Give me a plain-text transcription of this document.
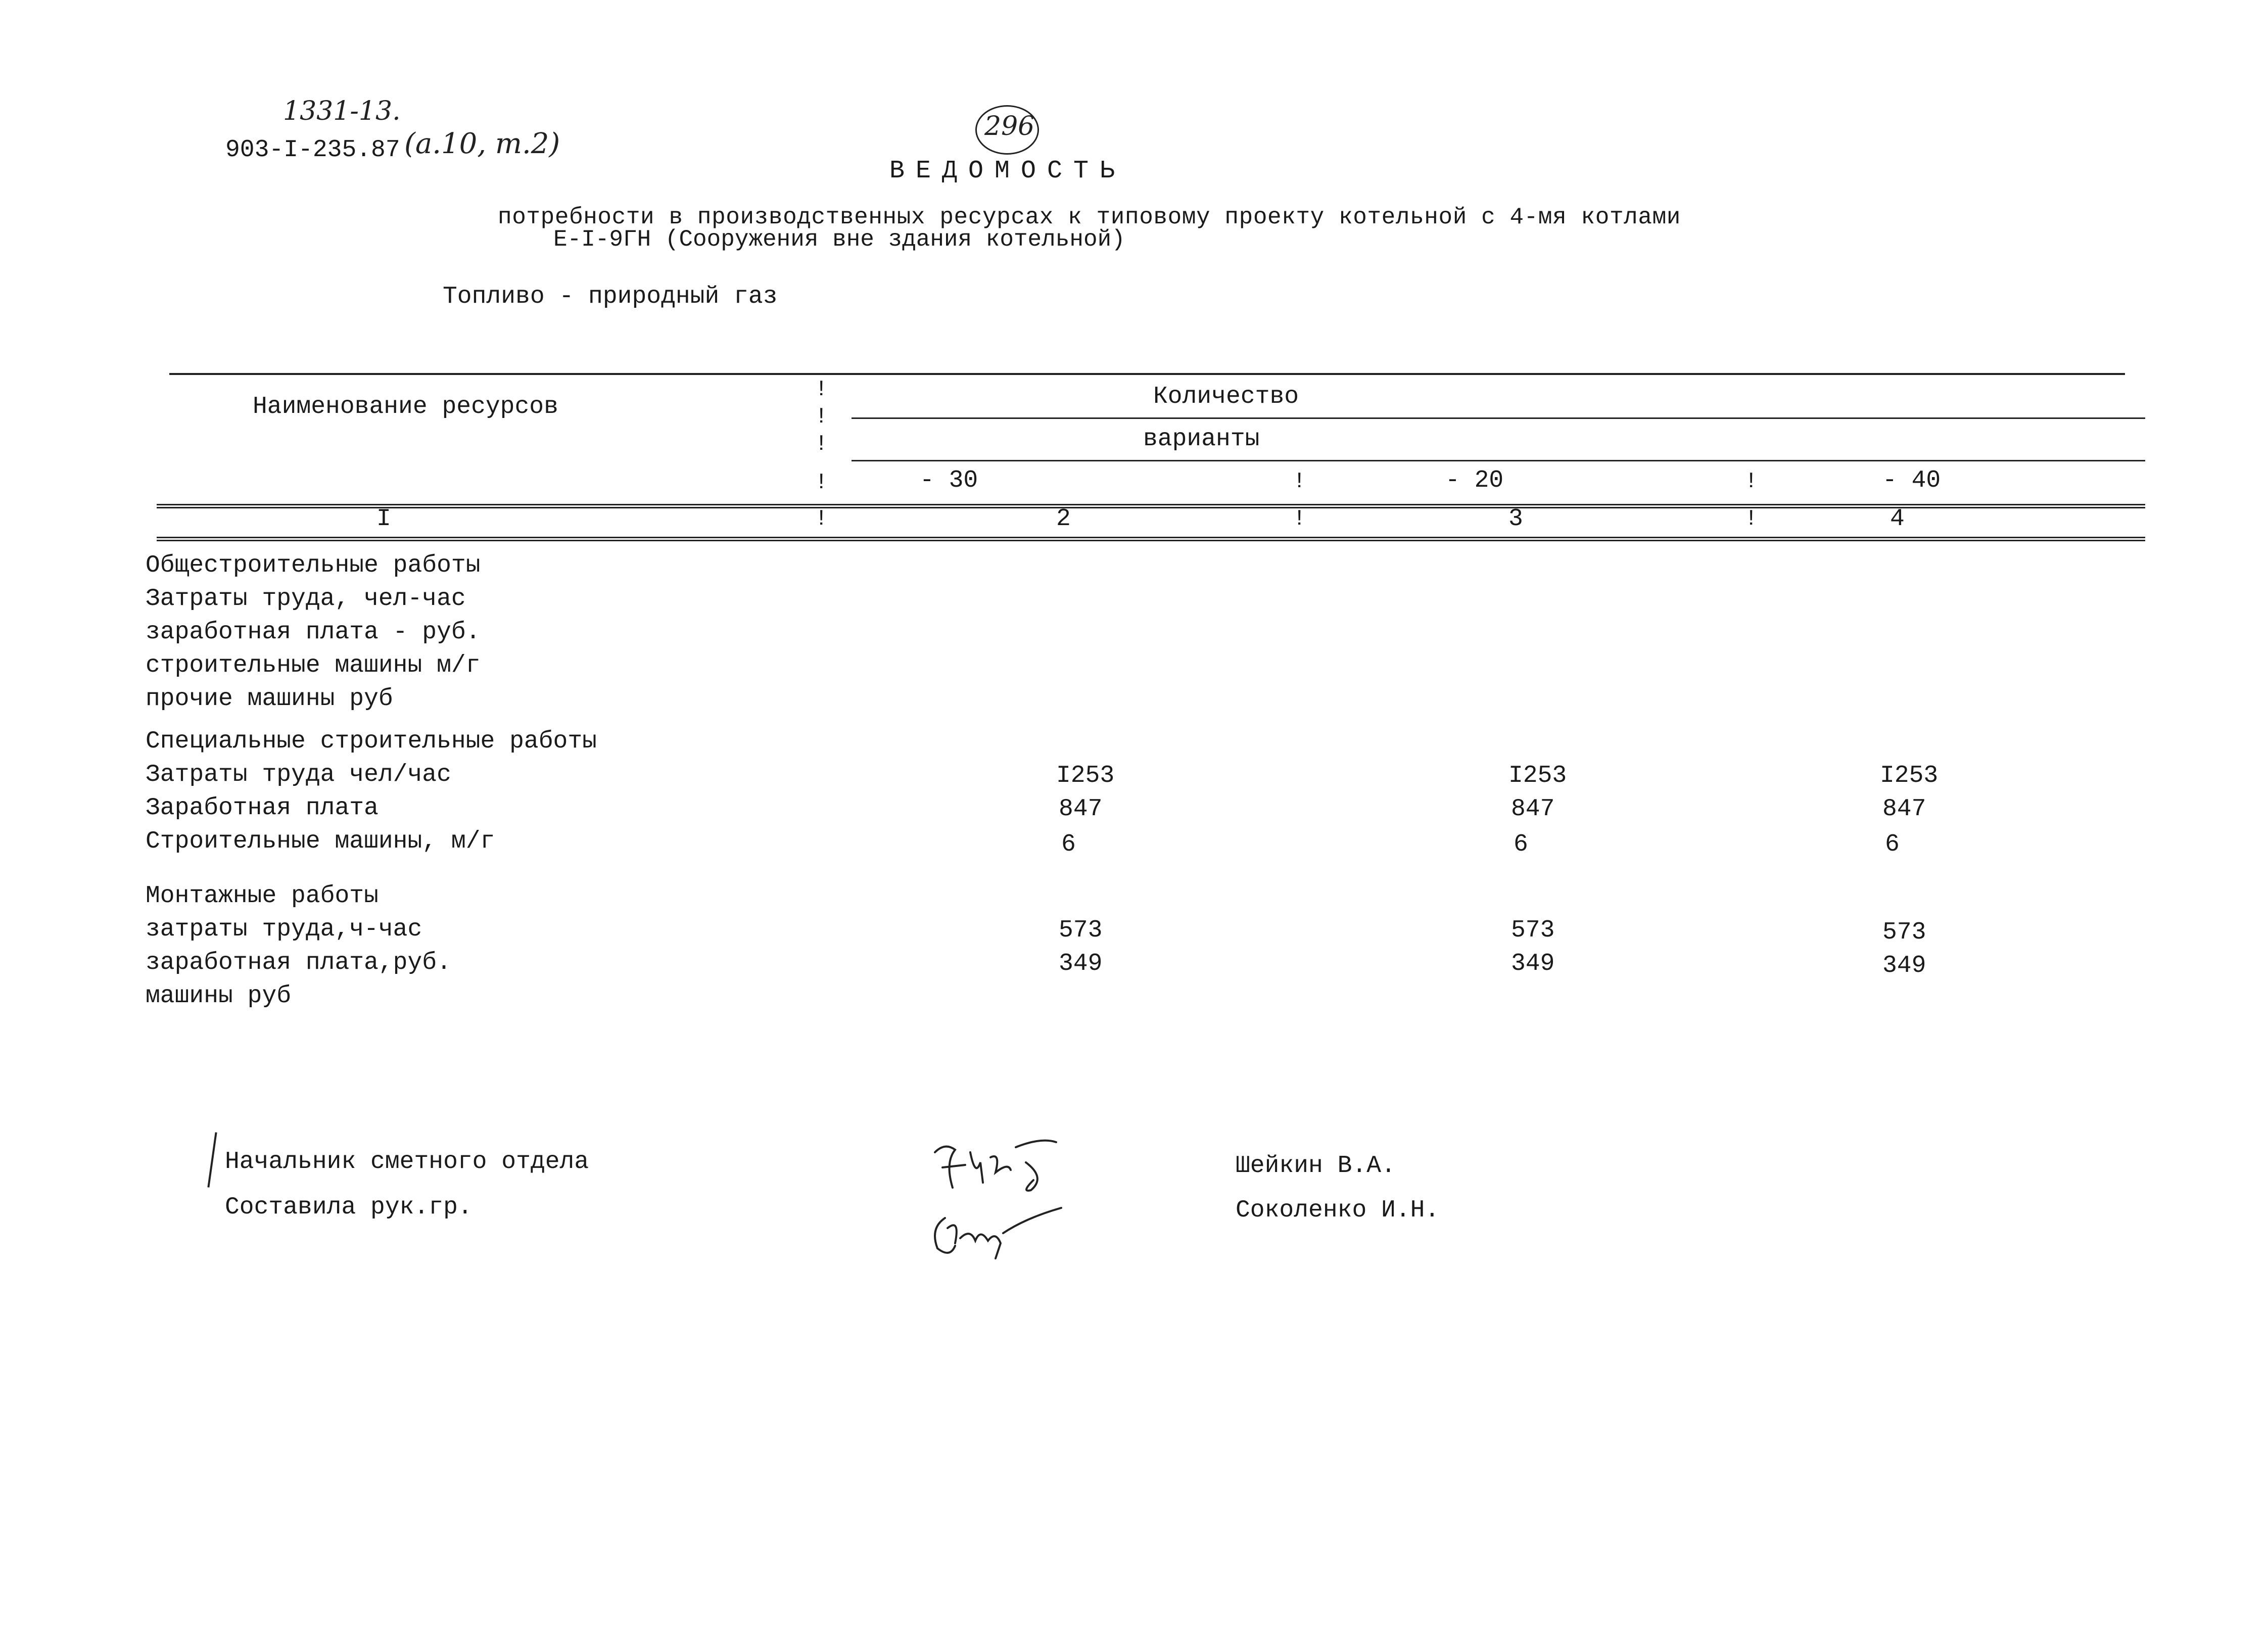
1331-13.
903-I-235.87 (а.10, т.2)
296
ВЕДОМОСТЬ
потребности в производственных ресурсах к типовому проекту котельной с 4-мя котлами
Е-I-9ГН (Сооружения вне здания котельной)
Топливо - природный газ
Наименование ресурсов	Количество
варианты
!
!
!
!
!
- 30	!	- 20	!	- 40
I	2	!	3	!	4
Общестроительные работы
Затраты труда, чел-час
заработная плата - руб.
строительные машины м/г
прочие машины руб
Специальные строительные работы
Затраты труда чел/час	I253	I253	I253
Заработная плата	847	847	847
Строительные машины, м/г	6	6	6
Монтажные работы
затраты труда,ч-час	573	573	573
заработная плата,руб.	349	349	349
машины руб
Начальник сметного отдела
Составила рук.гр.
Шейкин В.А.
Соколенко И.Н.
